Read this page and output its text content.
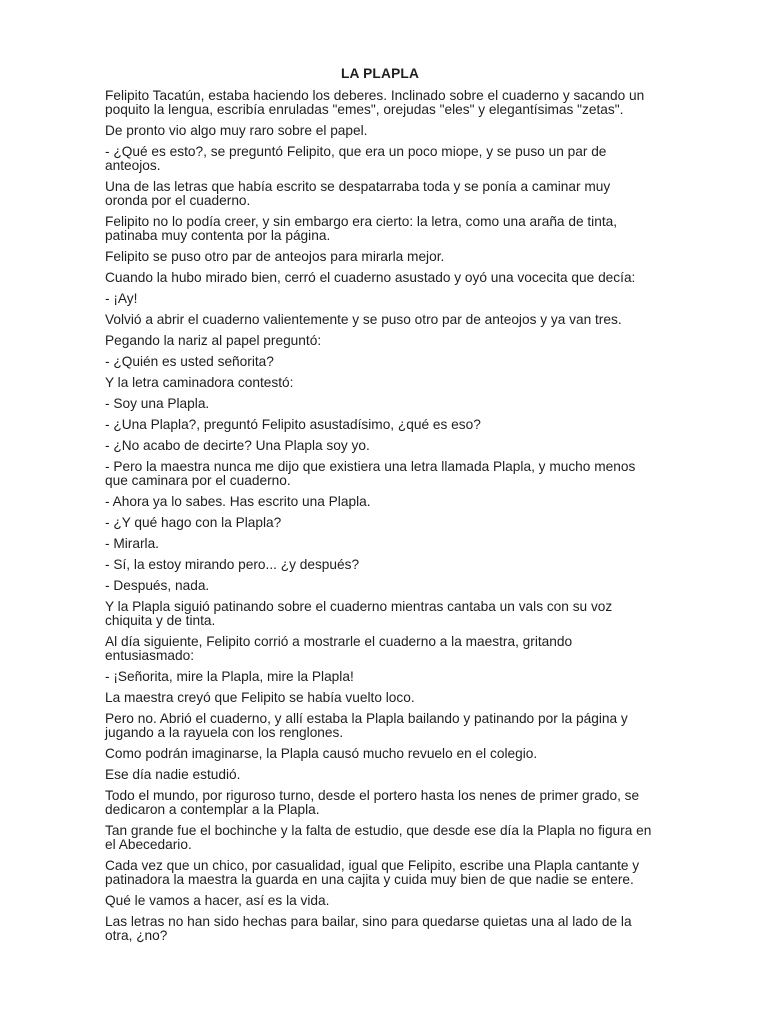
LA PLAPLA

Felipito Tacatún, estaba haciendo los deberes. Inclinado sobre el cuaderno y sacando un poquito la lengua, escribía enruladas "emes", orejudas "eles" y elegantísimas "zetas".

De pronto vio algo muy raro sobre el papel.

- ¿Qué es esto?, se preguntó Felipito, que era un poco miope, y se puso un par de anteojos.

Una de las letras que había escrito se despatarraba toda y se ponía a caminar muy oronda por el cuaderno.

Felipito no lo podía creer, y sin embargo era cierto: la letra, como una araña de tinta, patinaba muy contenta por la página.

Felipito se puso otro par de anteojos para mirarla mejor.

Cuando la hubo mirado bien, cerró el cuaderno asustado y oyó una vocecita que decía:

- ¡Ay!

Volvió a abrir el cuaderno valientemente y se puso otro par de anteojos y ya van tres.

Pegando la nariz al papel preguntó:

- ¿Quién es usted señorita?

Y la letra caminadora contestó:

- Soy una Plapla.

- ¿Una Plapla?, preguntó Felipito asustadísimo, ¿qué es eso?

- ¿No acabo de decirte? Una Plapla soy yo.

- Pero la maestra nunca me dijo que existiera una letra llamada Plapla, y mucho menos que caminara por el cuaderno.

- Ahora ya lo sabes. Has escrito una Plapla.

- ¿Y qué hago con la Plapla?

- Mirarla.

- Sí, la estoy mirando pero... ¿y después?

- Después, nada.

Y la Plapla siguió patinando sobre el cuaderno mientras cantaba un vals con su voz chiquita y de tinta.

Al día siguiente, Felipito corrió a mostrarle el cuaderno a la maestra, gritando entusiasmado:

- ¡Señorita, mire la Plapla, mire la Plapla!

La maestra creyó que Felipito se había vuelto loco.

Pero no. Abrió el cuaderno, y allí estaba la Plapla bailando y patinando por la página y jugando a la rayuela con los renglones.

Como podrán imaginarse, la Plapla causó mucho revuelo en el colegio.

Ese día nadie estudió.

Todo el mundo, por riguroso turno, desde el portero hasta los nenes de primer grado, se dedicaron a contemplar a la Plapla.

Tan grande fue el bochinche y la falta de estudio, que desde ese día la Plapla no figura en el Abecedario.

Cada vez que un chico, por casualidad, igual que Felipito, escribe una Plapla cantante y patinadora la maestra la guarda en una cajita y cuida muy bien de que nadie se entere.

Qué le vamos a hacer, así es la vida.

Las letras no han sido hechas para bailar, sino para quedarse quietas una al lado de la otra, ¿no?
